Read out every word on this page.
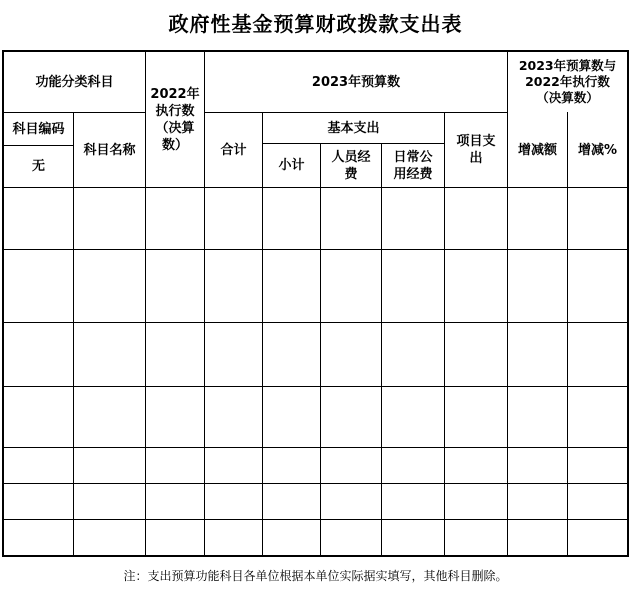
政府性基金预算财政拨款支出表
功能分类科目
2022年
执行数
（决算
数）
2023年预算数
2023年预算数与
2022年执行数
（决算数）
科目编码
无
科目名称	合计
基本支出
小计
人员经
费
日常公
用经费
项目支
出
增减额	增减%
注：支出预算功能科目各单位根据本单位实际据实填写，其他科目删除。
